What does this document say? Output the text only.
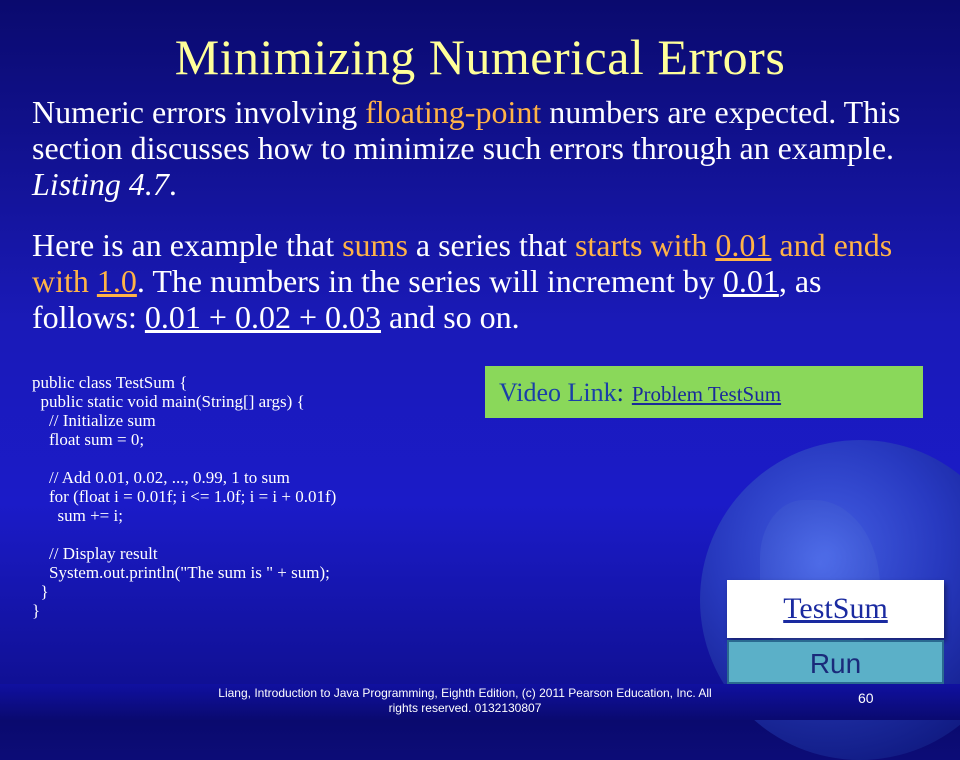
Minimizing Numerical Errors

Numeric errors involving floating-point numbers are expected. This section discusses how to minimize such errors through an example. Listing 4.7.

Here is an example that sums a series that starts with 0.01 and ends with 1.0. The numbers in the series will increment by 0.01, as follows: 0.01 + 0.02 + 0.03 and so on.

public class TestSum {
public static void main(String[] args) {
// Initialize sum
float sum = 0;

// Add 0.01, 0.02, ..., 0.99, 1 to sum
for (float i = 0.01f; i <= 1.0f; i = i + 0.01f)
sum += i;

// Display result
System.out.println("The sum is " + sum);
}
}
Video Link: Problem TestSum
TestSum
Run
Liang, Introduction to Java Programming, Eighth Edition, (c) 2011 Pearson Education, Inc. All
rights reserved. 0132130807
60
